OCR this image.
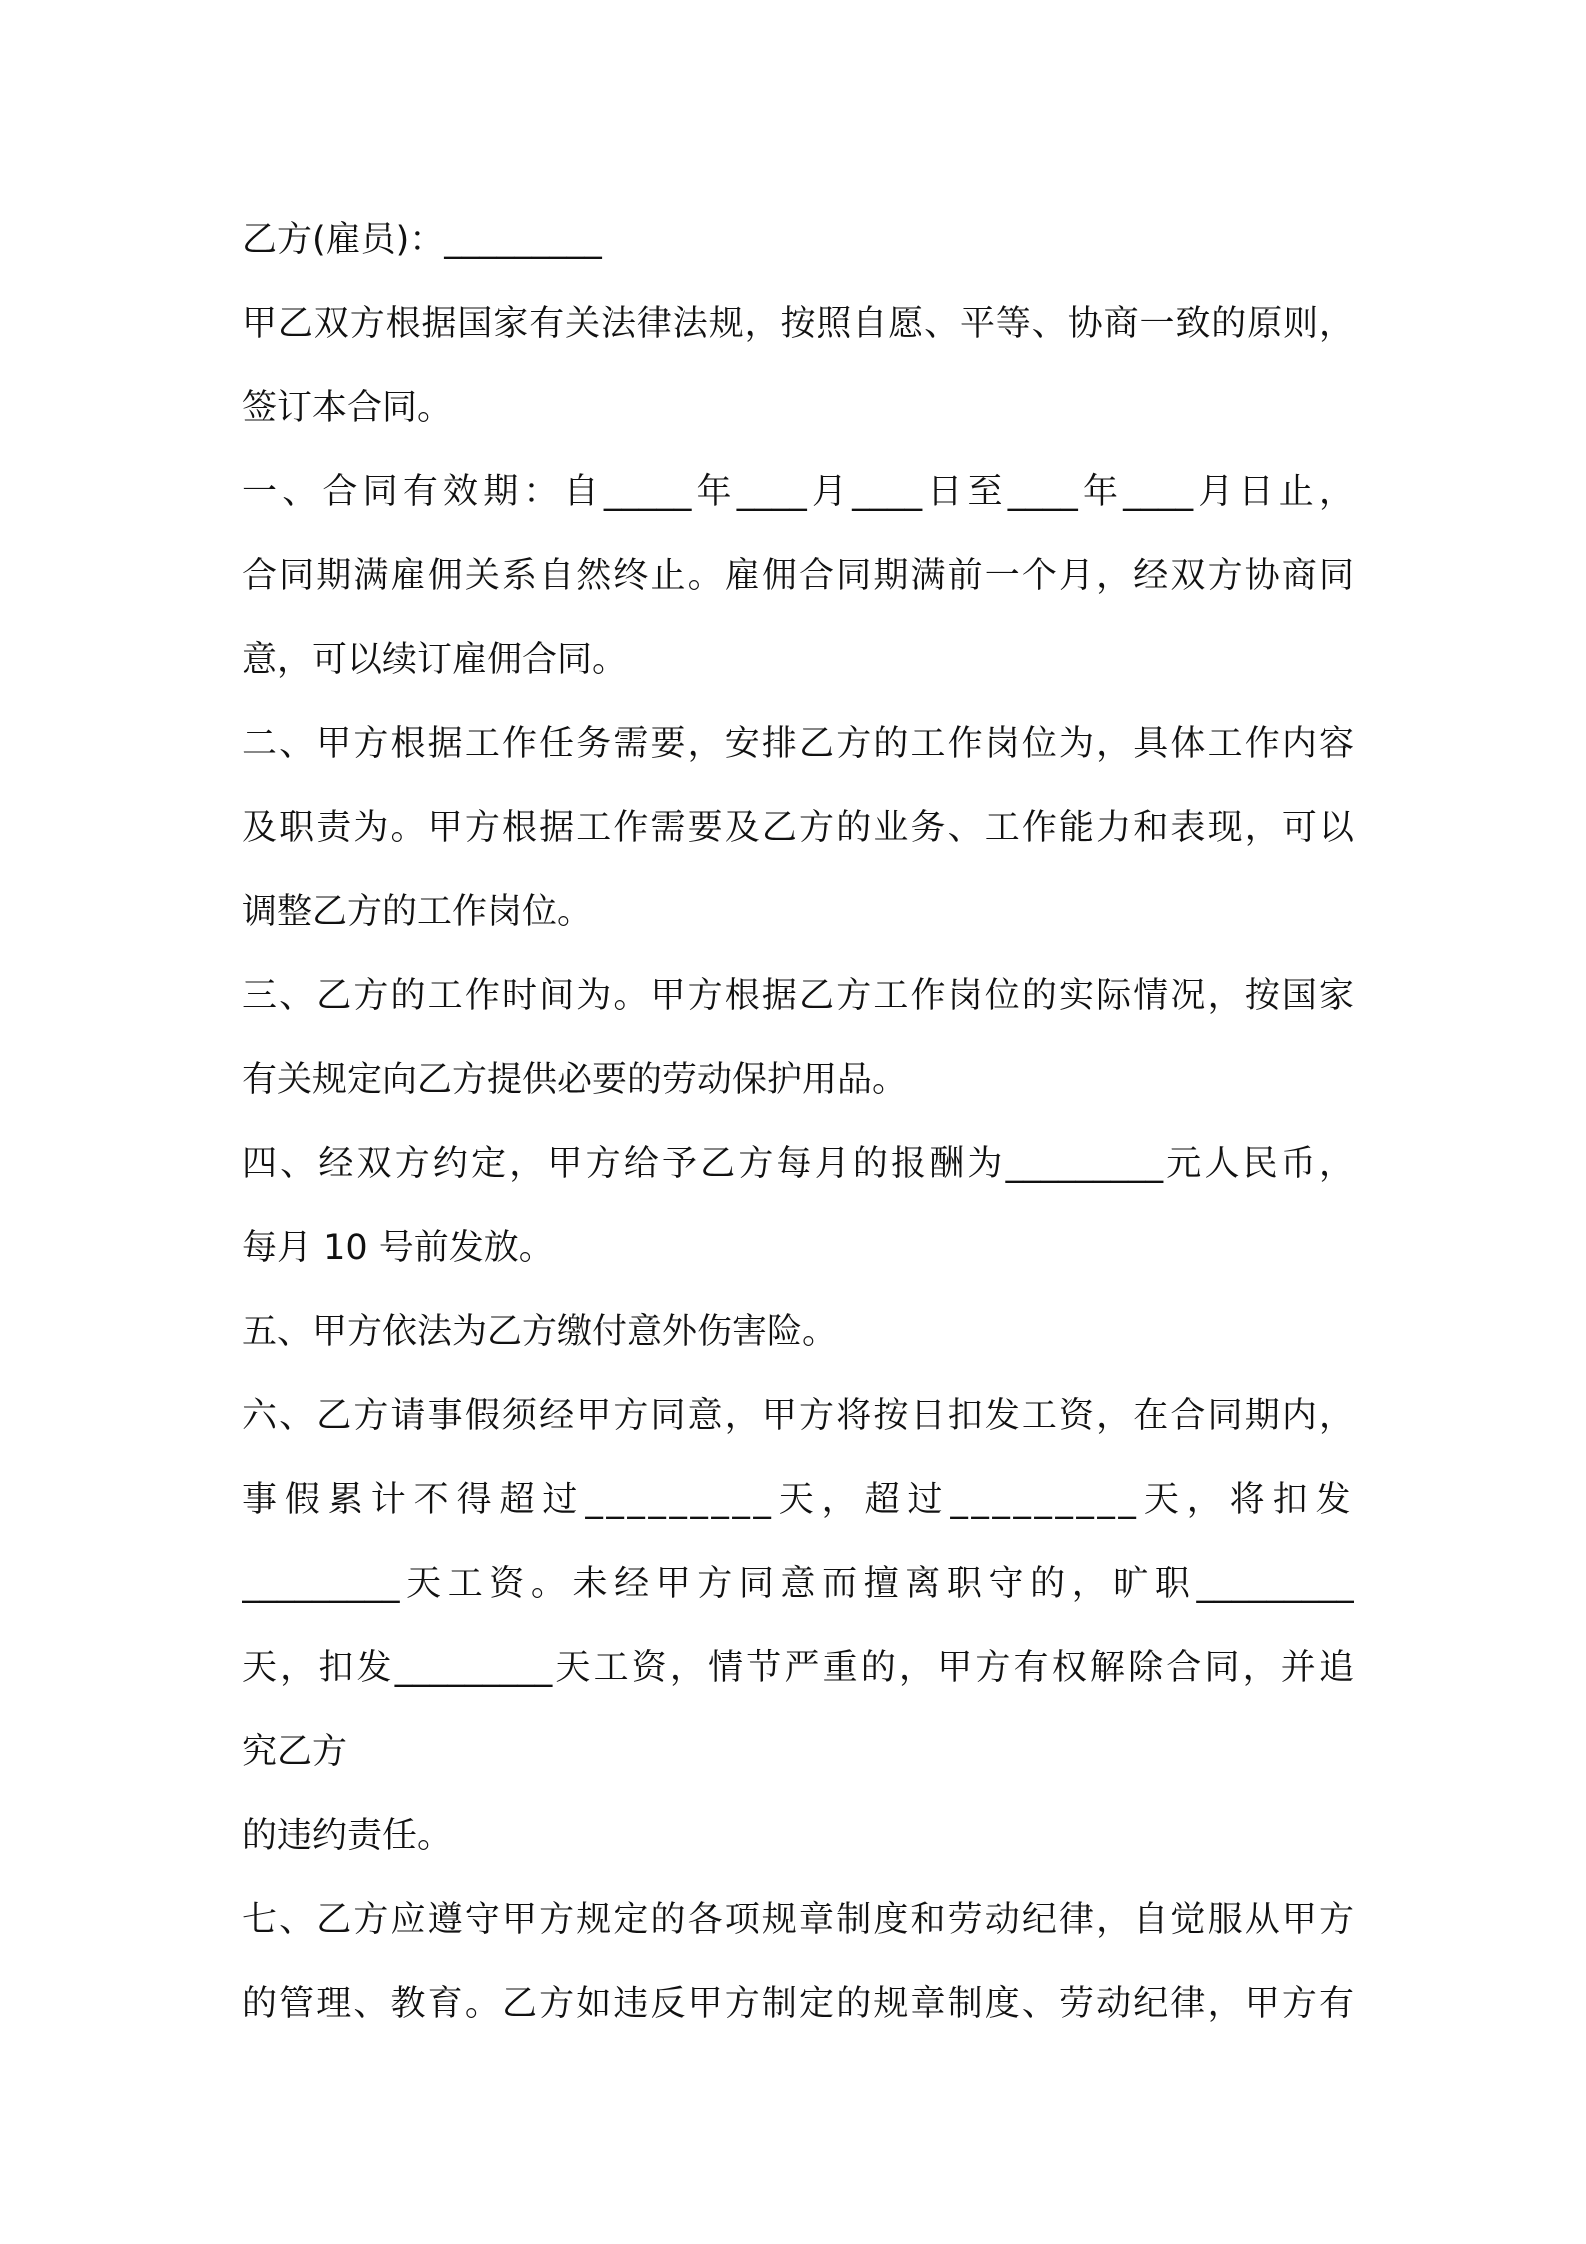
乙方(雇员)：_________
甲乙双方根据国家有关法律法规，按照自愿、平等、协商一致的原则，
签订本合同。
一、合同有效期：自_____年____月____日至____年____月日止，
合同期满雇佣关系自然终止。雇佣合同期满前一个月，经双方协商同
意，可以续订雇佣合同。
二、甲方根据工作任务需要，安排乙方的工作岗位为，具体工作内容
及职责为。甲方根据工作需要及乙方的业务、工作能力和表现，可以
调整乙方的工作岗位。
三、乙方的工作时间为。甲方根据乙方工作岗位的实际情况，按国家
有关规定向乙方提供必要的劳动保护用品。
四、经双方约定，甲方给予乙方每月的报酬为_________元人民币，
每月 10 号前发放。
五、甲方依法为乙方缴付意外伤害险。
六、乙方请事假须经甲方同意，甲方将按日扣发工资，在合同期内，
事假累计不得超过_________天，超过_________天，将扣发
_________天工资。未经甲方同意而擅离职守的，旷职_________
天，扣发_________天工资，情节严重的，甲方有权解除合同，并追
究乙方
的违约责任。
七、乙方应遵守甲方规定的各项规章制度和劳动纪律，自觉服从甲方
的管理、教育。乙方如违反甲方制定的规章制度、劳动纪律，甲方有
